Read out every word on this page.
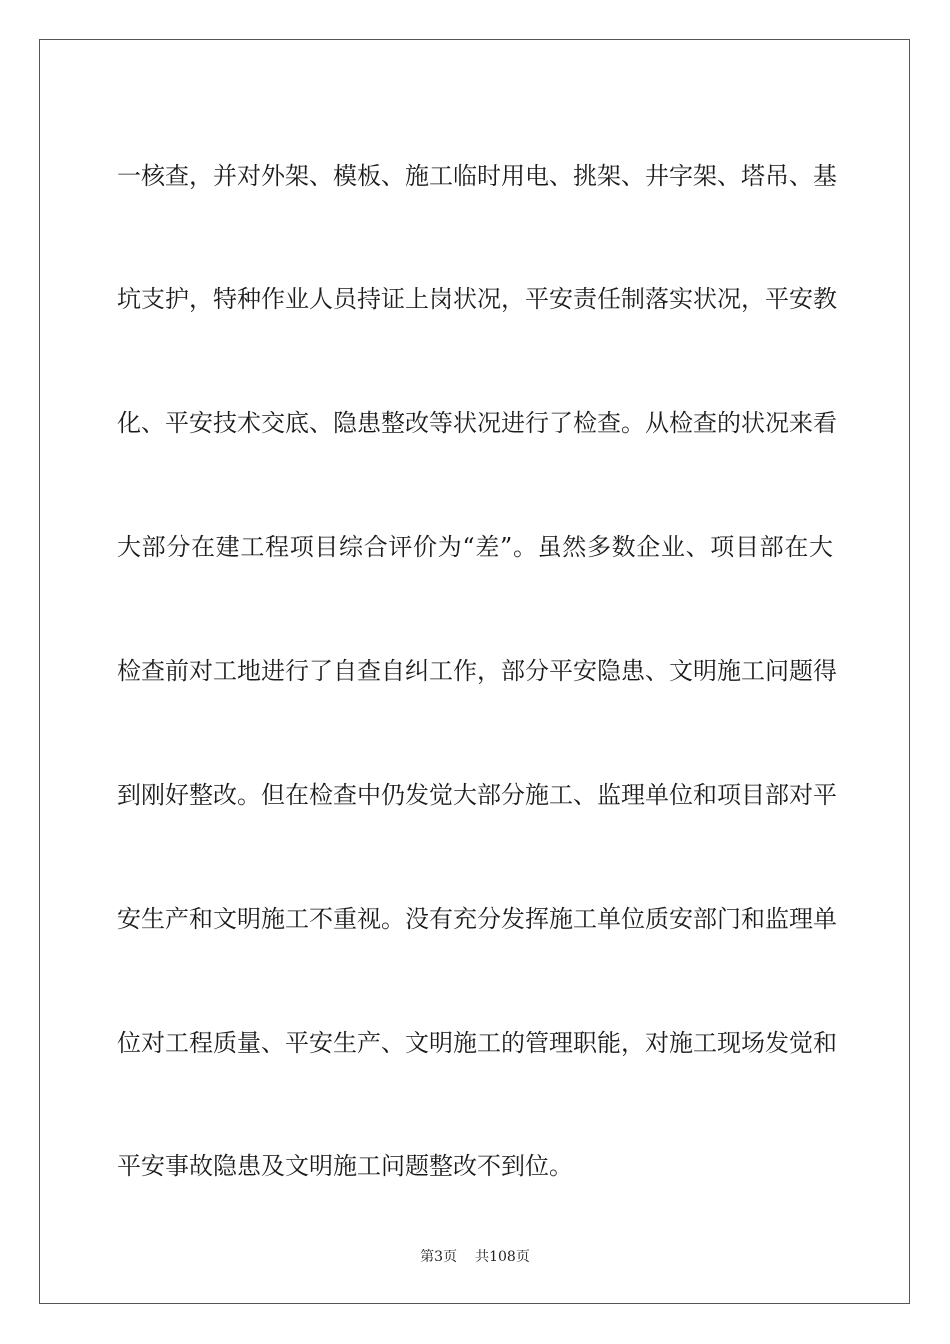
一核查，并对外架、模板、施工临时用电、挑架、井字架、塔吊、基

坑支护，特种作业人员持证上岗状况，平安责任制落实状况，平安教

化、平安技术交底、隐患整改等状况进行了检查。从检查的状况来看

大部分在建工程项目综合评价为“差”。虽然多数企业、项目部在大

检查前对工地进行了自查自纠工作，部分平安隐患、文明施工问题得

到刚好整改。但在检查中仍发觉大部分施工、监理单位和项目部对平

安生产和文明施工不重视。没有充分发挥施工单位质安部门和监理单

位对工程质量、平安生产、文明施工的管理职能，对施工现场发觉和

平安事故隐患及文明施工问题整改不到位。

第3页 共108页
